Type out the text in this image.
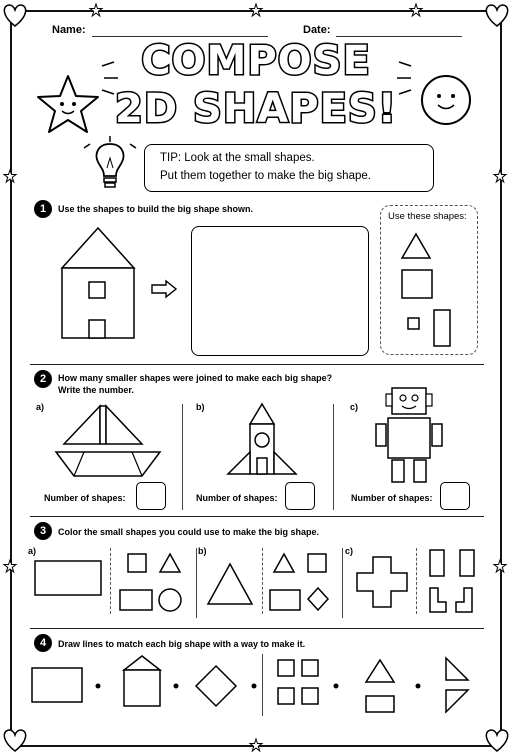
Name:	Date:
COMPOSE
2D SHAPES!
TIP: Look at the small shapes.
Put them together to make the big shape.
1	Use the shapes to build the big shape shown.
Use these shapes:
2	How many smaller shapes were joined to make each big shape?
Write the number.
a)	b)	c)
Number of shapes:	Number of shapes:	Number of shapes:
3	Color the small shapes you could use to make the big shape.
a)	b)	c)
4	Draw lines to match each big shape with a way to make it.
